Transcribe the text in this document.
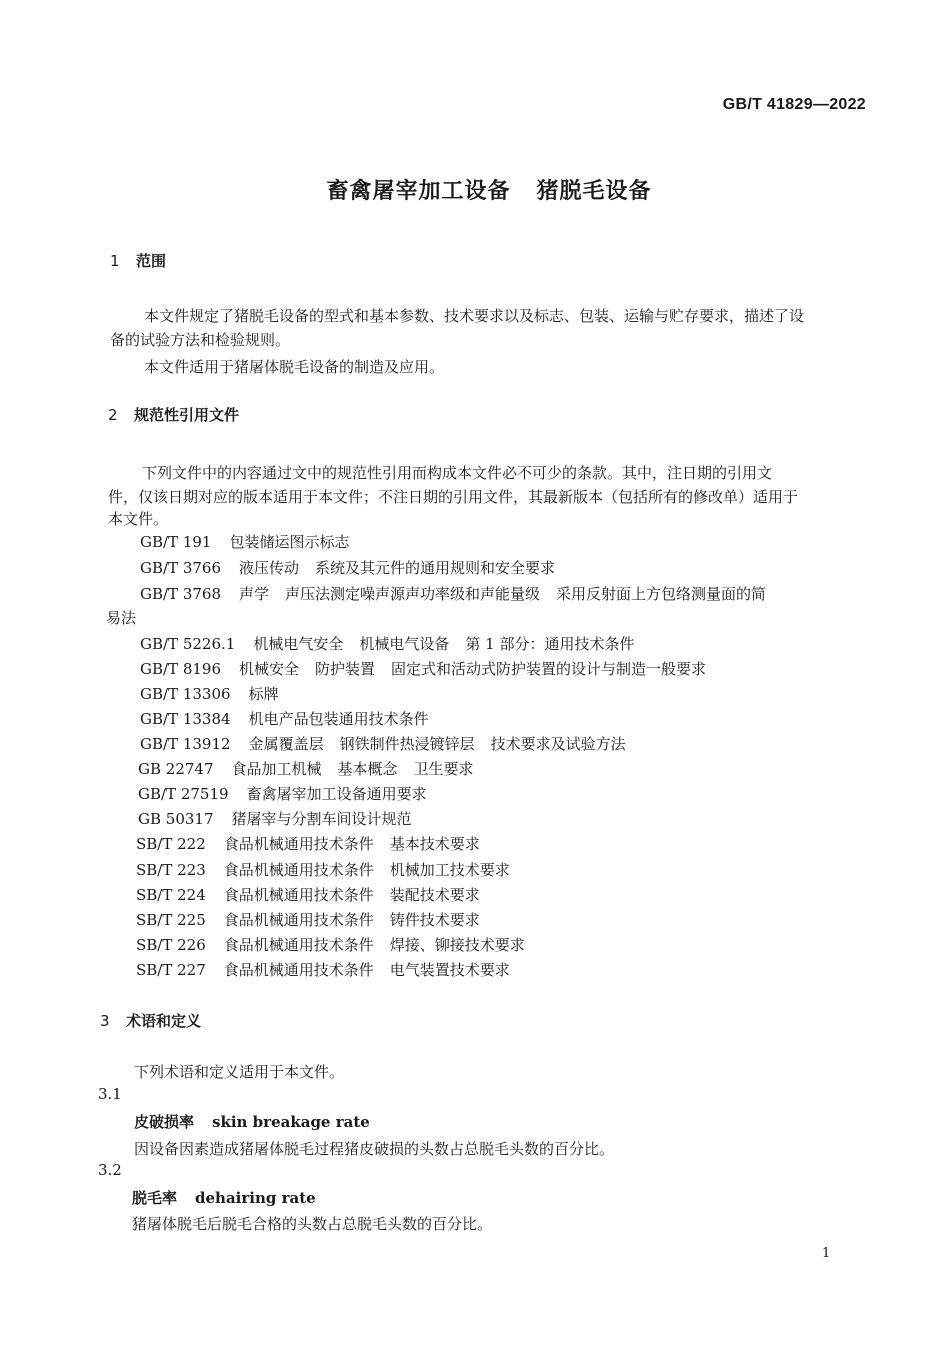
GB/T 41829—2022
畜禽屠宰加工设备 猪脱毛设备
1 范围
本文件规定了猪脱毛设备的型式和基本参数、技术要求以及标志、包装、运输与贮存要求，描述了设
备的试验方法和检验规则。
本文件适用于猪屠体脱毛设备的制造及应用。
2 规范性引用文件
下列文件中的内容通过文中的规范性引用而构成本文件必不可少的条款。其中，注日期的引用文
件，仅该日期对应的版本适用于本文件；不注日期的引用文件，其最新版本（包括所有的修改单）适用于
本文件。
GB/T 191 包装储运图示标志
GB/T 3766 液压传动 系统及其元件的通用规则和安全要求
GB/T 3768 声学 声压法测定噪声源声功率级和声能量级 采用反射面上方包络测量面的简
易法
GB/T 5226.1 机械电气安全 机械电气设备 第 1 部分：通用技术条件
GB/T 8196 机械安全 防护装置 固定式和活动式防护装置的设计与制造一般要求
GB/T 13306 标牌
GB/T 13384 机电产品包装通用技术条件
GB/T 13912 金属覆盖层 钢铁制件热浸镀锌层 技术要求及试验方法
GB 22747 食品加工机械 基本概念 卫生要求
GB/T 27519 畜禽屠宰加工设备通用要求
GB 50317 猪屠宰与分割车间设计规范
SB/T 222 食品机械通用技术条件 基本技术要求
SB/T 223 食品机械通用技术条件 机械加工技术要求
SB/T 224 食品机械通用技术条件 装配技术要求
SB/T 225 食品机械通用技术条件 铸件技术要求
SB/T 226 食品机械通用技术条件 焊接、铆接技术要求
SB/T 227 食品机械通用技术条件 电气装置技术要求
3 术语和定义
下列术语和定义适用于本文件。
3.1
皮破损率 skin breakage rate
因设备因素造成猪屠体脱毛过程猪皮破损的头数占总脱毛头数的百分比。
3.2
脱毛率 dehairing rate
猪屠体脱毛后脱毛合格的头数占总脱毛头数的百分比。
1
